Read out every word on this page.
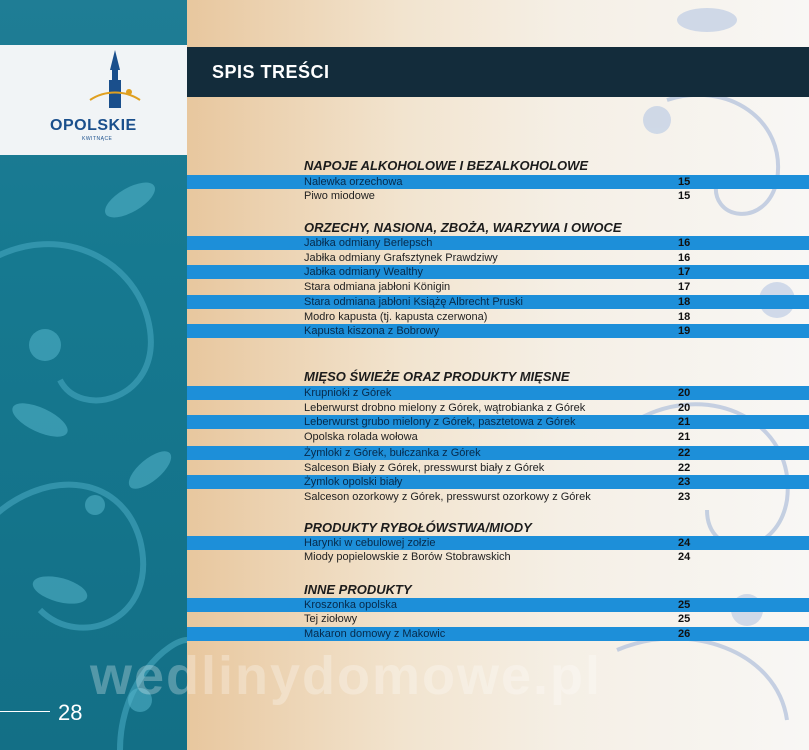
OPOLSKIE
KWITNĄCE
28
SPIS TREŚCI
NAPOJE ALKOHOLOWE I BEZALKOHOLOWE
Nalewka orzechowa	15
Piwo miodowe	15
ORZECHY, NASIONA, ZBOŻA, WARZYWA I OWOCE
Jabłka odmiany Berlepsch	16
Jabłka odmiany Grafsztynek Prawdziwy	16
Jabłka odmiany Wealthy	17
Stara odmiana jabłoni Königin	17
Stara odmiana jabłoni Książę Albrecht Pruski	18
Modro kapusta (tj. kapusta czerwona)	18
Kapusta kiszona z Bobrowy	19
MIĘSO ŚWIEŻE ORAZ PRODUKTY MIĘSNE
Krupnioki z Górek	20
Leberwurst drobno mielony z Górek, wątrobianka z Górek	20
Leberwurst grubo mielony z Górek, pasztetowa z Górek	21
Opolska rolada wołowa	21
Żymloki z Górek, bułczanka z Górek	22
Salceson Biały z Górek, presswurst biały z Górek	22
Żymlok opolski biały	23
Salceson ozorkowy z Górek, presswurst ozorkowy z Górek	23
PRODUKTY RYBOŁÓWSTWA/MIODY
Harynki w cebulowej zołzie	24
Miody popielowskie z Borów Stobrawskich	24
INNE PRODUKTY
Kroszonka opolska	25
Tej ziołowy	25
Makaron domowy z Makowic	26
wedlinydomowe.pl
